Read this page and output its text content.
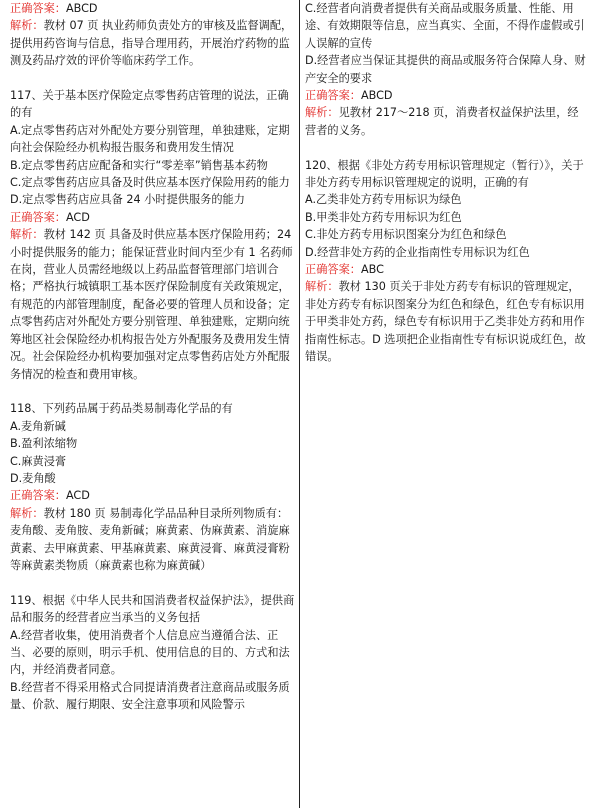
正确答案：ABCD

解析：教材 07 页 执业药师负责处方的审核及监督调配，提供用药咨询与信息，指导合理用药，开展治疗药物的监测及药品疗效的评价等临床药学工作。

117、关于基本医疗保险定点零售药店管理的说法，正确的有

A.定点零售药店对外配处方要分别管理，单独建账，定期向社会保险经办机构报告服务和费用发生情况

B.定点零售药店应配备和实行“零差率”销售基本药物

C.定点零售药店应具备及时供应基本医疗保险用药的能力

D.定点零售药店应具备 24 小时提供服务的能力

正确答案：ACD

解析：教材 142 页 具备及时供应基本医疗保险用药；24 小时提供服务的能力；能保证营业时间内至少有 1 名药师在岗，营业人员需经地级以上药品监督管理部门培训合格；严格执行城镇职工基本医疗保险制度有关政策规定，有规范的内部管理制度，配备必要的管理人员和设备；定点零售药店对外配处方要分别管理、单独建账，定期向统筹地区社会保险经办机构报告处方外配服务及费用发生情况。社会保险经办机构要加强对定点零售药店处方外配服务情况的检查和费用审核。

118、下列药品属于药品类易制毒化学品的有

A.麦角新碱

B.盈利浓缩物

C.麻黄浸膏

D.麦角酸

正确答案：ACD

解析：教材 180 页 易制毒化学品品种目录所列物质有：麦角酸、麦角胺、麦角新碱；麻黄素、伪麻黄素、消旋麻黄素、去甲麻黄素、甲基麻黄素、麻黄浸膏、麻黄浸膏粉等麻黄素类物质（麻黄素也称为麻黄碱）

119、根据《中华人民共和国消费者权益保护法》，提供商品和服务的经营者应当承当的义务包括

A.经营者收集，使用消费者个人信息应当遵循合法、正当、必要的原则，明示手机、使用信息的目的、方式和法内，并经消费者同意。

B.经营者不得采用格式合同提请消费者注意商品或服务质量、价款、履行期限、安全注意事项和风险警示

C.经营者向消费者提供有关商品或服务质量、性能、用途、有效期限等信息，应当真实、全面，不得作虚假或引人误解的宣传

D.经营者应当保证其提供的商品或服务符合保障人身、财产安全的要求

正确答案：ABCD

解析：见教材 217～218 页，消费者权益保护法里，经营者的义务。

120、根据《非处方药专用标识管理规定（暂行）》，关于非处方药专用标识管理规定的说明，正确的有

A.乙类非处方药专用标识为绿色

B.甲类非处方药专用标识为红色

C.非处方药专用标识图案分为红色和绿色

D.经营非处方药的企业指南性专用标识为红色

正确答案：ABC

解析：教材 130 页关于非处方药专有标识的管理规定，非处方药专有标识图案分为红色和绿色，红色专有标识用于甲类非处方药，绿色专有标识用于乙类非处方药和用作指南性标志。D 选项把企业指南性专有标识说成红色，故错误。
